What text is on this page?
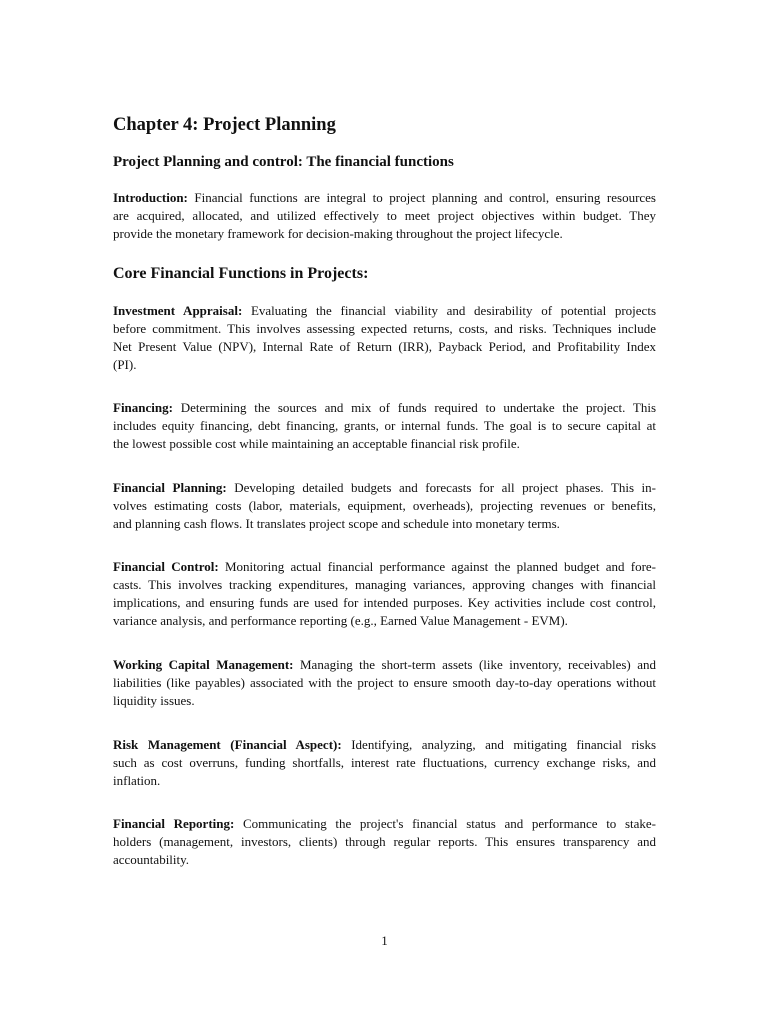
Chapter 4: Project Planning
Project Planning and control: The financial functions
Introduction: Financial functions are integral to project planning and control, ensuring resources
are acquired, allocated, and utilized effectively to meet project objectives within budget. They
provide the monetary framework for decision-making throughout the project lifecycle.
Core Financial Functions in Projects:
Investment Appraisal: Evaluating the financial viability and desirability of potential projects
before commitment. This involves assessing expected returns, costs, and risks. Techniques include
Net Present Value (NPV), Internal Rate of Return (IRR), Payback Period, and Profitability Index
(PI).
Financing: Determining the sources and mix of funds required to undertake the project. This
includes equity financing, debt financing, grants, or internal funds. The goal is to secure capital at
the lowest possible cost while maintaining an acceptable financial risk profile.
Financial Planning: Developing detailed budgets and forecasts for all project phases. This in-
volves estimating costs (labor, materials, equipment, overheads), projecting revenues or benefits,
and planning cash flows. It translates project scope and schedule into monetary terms.
Financial Control: Monitoring actual financial performance against the planned budget and fore-
casts. This involves tracking expenditures, managing variances, approving changes with financial
implications, and ensuring funds are used for intended purposes. Key activities include cost control,
variance analysis, and performance reporting (e.g., Earned Value Management - EVM).
Working Capital Management: Managing the short-term assets (like inventory, receivables) and
liabilities (like payables) associated with the project to ensure smooth day-to-day operations without
liquidity issues.
Risk Management (Financial Aspect): Identifying, analyzing, and mitigating financial risks
such as cost overruns, funding shortfalls, interest rate fluctuations, currency exchange risks, and
inflation.
Financial Reporting: Communicating the project's financial status and performance to stake-
holders (management, investors, clients) through regular reports. This ensures transparency and
accountability.
1
